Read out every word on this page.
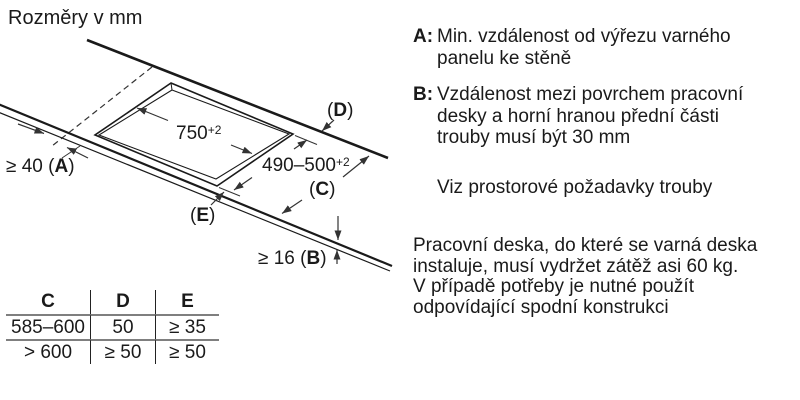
Rozměry v mm
$750^{+2}$
$490-500^{+2}$
(D)
(C)
(E)
≥ 40 (A)
≥ 16 (B)
C	D	E
585–600	50	≥ 35
> 600	≥ 50	≥ 50
A: Min. vzdálenost od výřezu varného
panelu ke stěně
B: Vzdálenost mezi povrchem pracovní
desky a horní hranou přední části
trouby musí být 30 mm
Viz prostorové požadavky trouby
Pracovní deska, do které se varná deska
instaluje, musí vydržet zátěž asi 60 kg.
V případě potřeby je nutné použít
odpovídající spodní konstrukci
